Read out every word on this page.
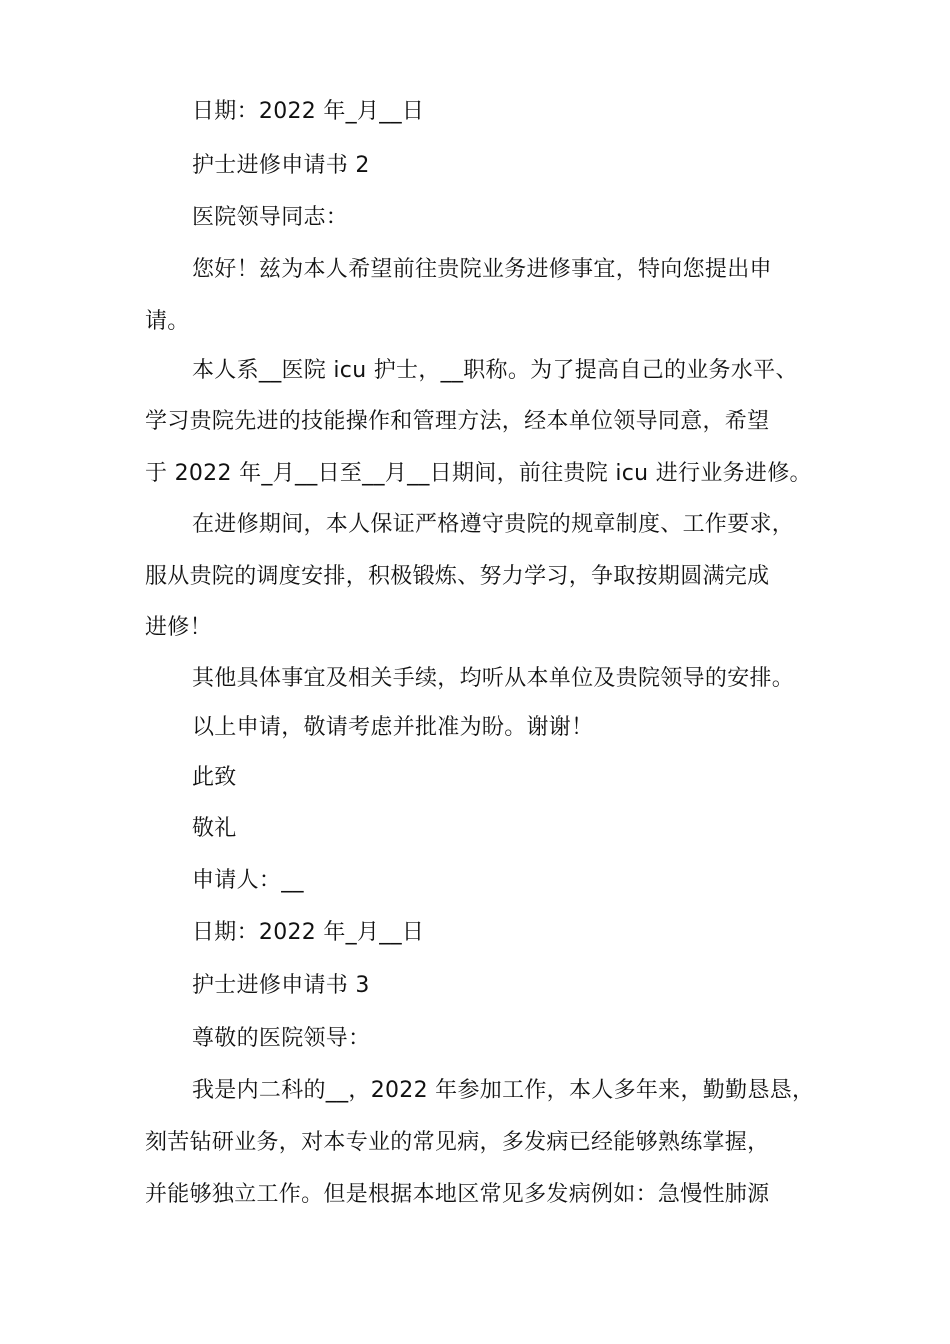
日期：2022 年_月__日
护士进修申请书 2
医院领导同志：
您好！兹为本人希望前往贵院业务进修事宜，特向您提出申
请。
本人系__医院 icu 护士，__职称。为了提高自己的业务水平、
学习贵院先进的技能操作和管理方法，经本单位领导同意，希望
于 2022 年_月__日至__月__日期间，前往贵院 icu 进行业务进修。
在进修期间，本人保证严格遵守贵院的规章制度、工作要求，
服从贵院的调度安排，积极锻炼、努力学习，争取按期圆满完成
进修！
其他具体事宜及相关手续，均听从本单位及贵院领导的安排。
以上申请，敬请考虑并批准为盼。谢谢！
此致
敬礼
申请人：__
日期：2022 年_月__日
护士进修申请书 3
尊敬的医院领导：
我是内二科的__，2022 年参加工作，本人多年来，勤勤恳恳，
刻苦钻研业务，对本专业的常见病，多发病已经能够熟练掌握，
并能够独立工作。但是根据本地区常见多发病例如：急慢性肺源
